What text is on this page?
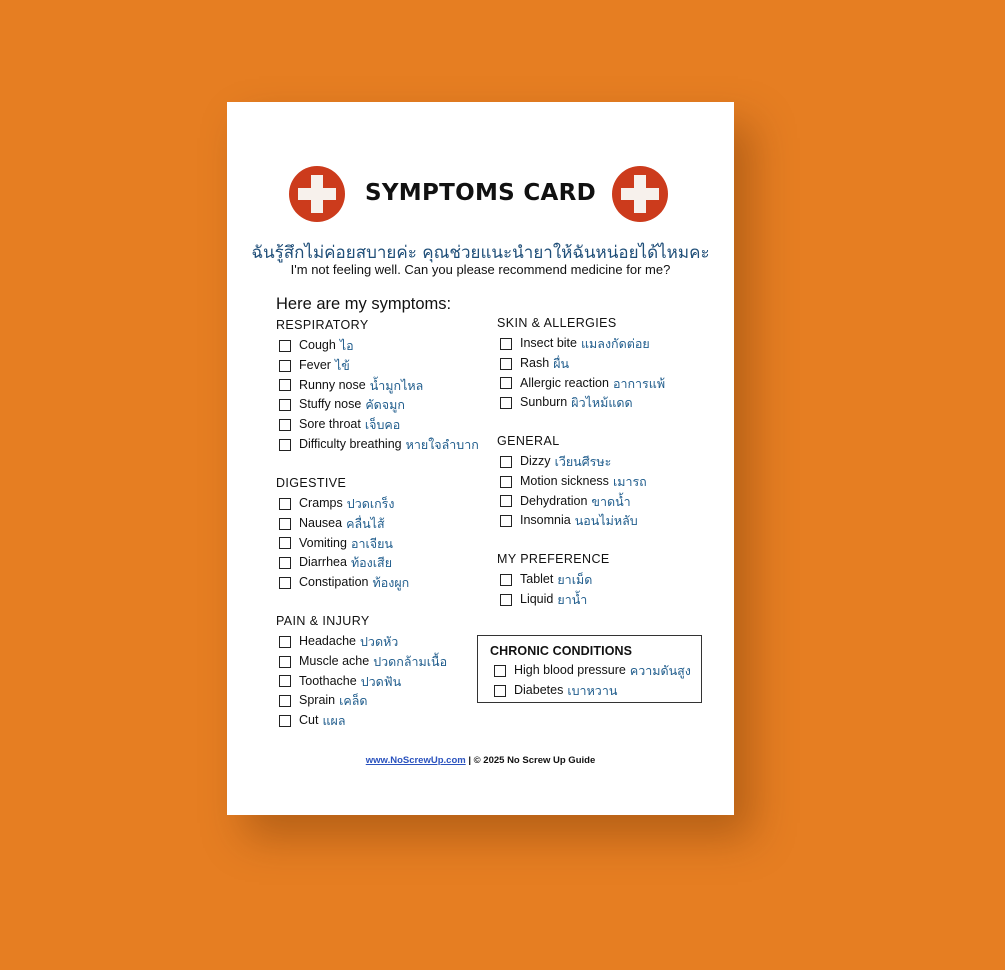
SYMPTOMS CARD
ฉันรู้สึกไม่ค่อยสบายค่ะ คุณช่วยแนะนำยาให้ฉันหน่อยได้ไหมคะ
I'm not feeling well. Can you please recommend medicine for me?
Here are my symptoms:
RESPIRATORY
Cough ไอ
Fever ไข้
Runny nose น้ำมูกไหล
Stuffy nose คัดจมูก
Sore throat เจ็บคอ
Difficulty breathing หายใจลำบาก
DIGESTIVE
Cramps ปวดเกร็ง
Nausea คลื่นไส้
Vomiting อาเจียน
Diarrhea ท้องเสีย
Constipation ท้องผูก
PAIN & INJURY
Headache ปวดหัว
Muscle ache ปวดกล้ามเนื้อ
Toothache ปวดฟัน
Sprain เคล็ด
Cut แผล
SKIN & ALLERGIES
Insect bite แมลงกัดต่อย
Rash ผื่น
Allergic reaction อาการแพ้
Sunburn ผิวไหม้แดด
GENERAL
Dizzy เวียนศีรษะ
Motion sickness เมารถ
Dehydration ขาดน้ำ
Insomnia นอนไม่หลับ
MY PREFERENCE
Tablet ยาเม็ด
Liquid ยาน้ำ
CHRONIC CONDITIONS
High blood pressure ความดันสูง
Diabetes เบาหวาน
www.NoScrewUp.com | © 2025 No Screw Up Guide
